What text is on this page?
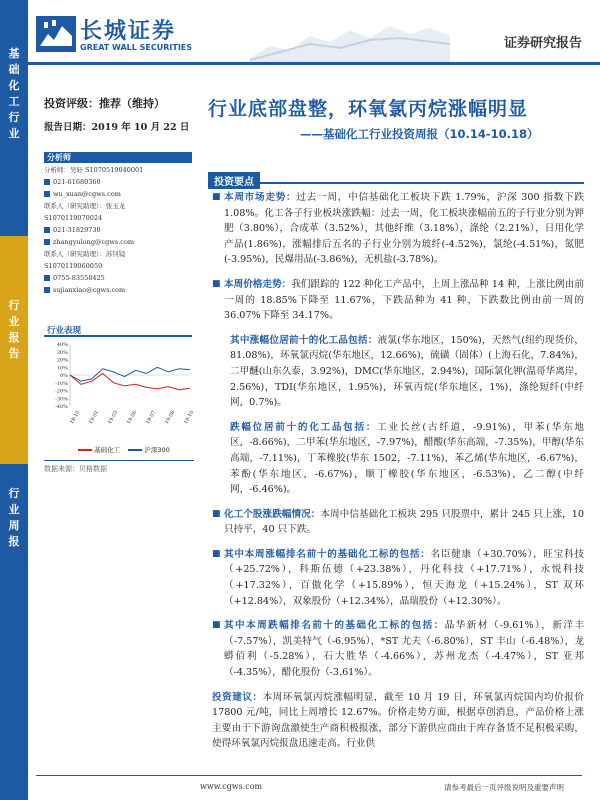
基
础
化
工
行
业
行
业
报
告
行
业
周
报
长城证券
GREAT WALL SECURITIES	证券研究报告
投资评级：推荐（维持）
报告日期：2019 年 10 月 22 日
行业底部盘整，环氧氯丙烷涨幅明显
——基础化工行业投资周报（10.14-10.18）
分析师
分析师：吴轩 S1070519040001
021-61680360
wu_xuan@cgws.com
联系人（研究助理）：张玉龙
S1070119070024
021-31829730
zhangyulong@cgws.com
联系人（研究助理）：苏钊镜
S1070119060059
0755-83558425
sujianxiao@cgws.com
行业表现
40%
30%
20%
10%
0%
-10%
-20%
-30%
-40%
18-10 19-01 19-03 19-06 19-07 19-08 19-10
基础化工	沪深300
数据来源：贝格数据
投资要点
■ 本周市场走势：过去一周，中信基础化工板块下跌 1.79%，沪深 300 指数下跌 1.08%。化工各子行业板块涨跌幅：过去一周，化工板块涨幅前五的子行业分别为钾肥（3.80%），合成革（3.52%），其他纤维（3.18%），涤纶（2.21%），日用化学产品(1.86%)，涨幅排后五名的子行业分别为玻纤(-4.52%)，氯纶(-4.51%)，氮肥(-3.95%)，民爆用品(-3.86%)，无机盐(-3.78%)。
■ 本周价格走势：我们跟踪的 122 种化工产品中，上周上涨品种 14 种，上涨比例由前一周的 18.85%下降至 11.67%，下跌品种为 41 种，下跌数比例由前一周的 36.07%下降至 34.17%。
其中涨幅位居前十的化工品包括：液氯(华东地区，150%)，天然气(纽约现货价，81.08%)，环氧氯丙烷(华东地区，12.66%)，硫磺（固体）(上海石化，7.84%)，二甲醚(山东久泰，3.92%)，DMC(华东地区，2.94%)，国际氯化钾(温哥华离岸，2.56%)，TDI(华东地区，1.95%)，环氧丙烷(华东地区，1%)，涤纶短纤(中纤网，0.7%)。
跌幅位居前十的化工品包括：工业长丝(古纤道，-9.91%)，甲苯(华东地区，-8.66%)，二甲苯(华东地区，-7.97%)，醋酸(华东高端，-7.35%)，甲醇(华东高端，-7.11%)，丁苯橡胶(华东 1502，-7.11%)，苯乙烯(华东地区，-6.67%)，苯酚(华东地区，-6.67%)，顺丁橡胶(华东地区，-6.53%)，乙二醇(中纤网，-6.46%)。
■ 化工个股涨跌幅情况：本周中信基础化工板块 295 只股票中，累计 245 只上涨，10 只持平，40 只下跌。
■ 其中本周涨幅排名前十的基础化工标的包括：名臣健康（+30.70%），旺宝科技（+25.72%），科斯伍德（+23.38%），丹化科技（+17.71%），永悦科技（+17.32%），百傲化学（+15.89%），恒天海龙（+15.24%），ST 双环（+12.84%），双象股份（+12.34%），晶瑞股份（+12.30%）。
■ 其中本周跌幅排名前十的基础化工标的包括：晶华新材（-9.61%），新洋丰（-7.57%），凯美特气（-6.95%），*ST 尤夫（-6.80%），ST 丰山（-6.48%），龙蟒佰利（-5.28%），石大胜华（-4.66%），苏州龙杰（-4.47%），ST 亚邦（-4.35%），醋化股份（-3.61%）。
投资建议：本周环氧氯丙烷涨幅明显，截至 10 月 19 日，环氧氯丙烷国内均价报价 17800 元/吨，同比上周增长 12.67%。价格走势方面，根据卓创消息，产品价格上涨主要由于下游询盘激使生产商积极报涨，部分下游供应商由于库存备货不足积极采购，使得环氧氯丙烷报盘迅速走高。行业供
www.cgws.com	请参考最后一页评级说明及重要声明
